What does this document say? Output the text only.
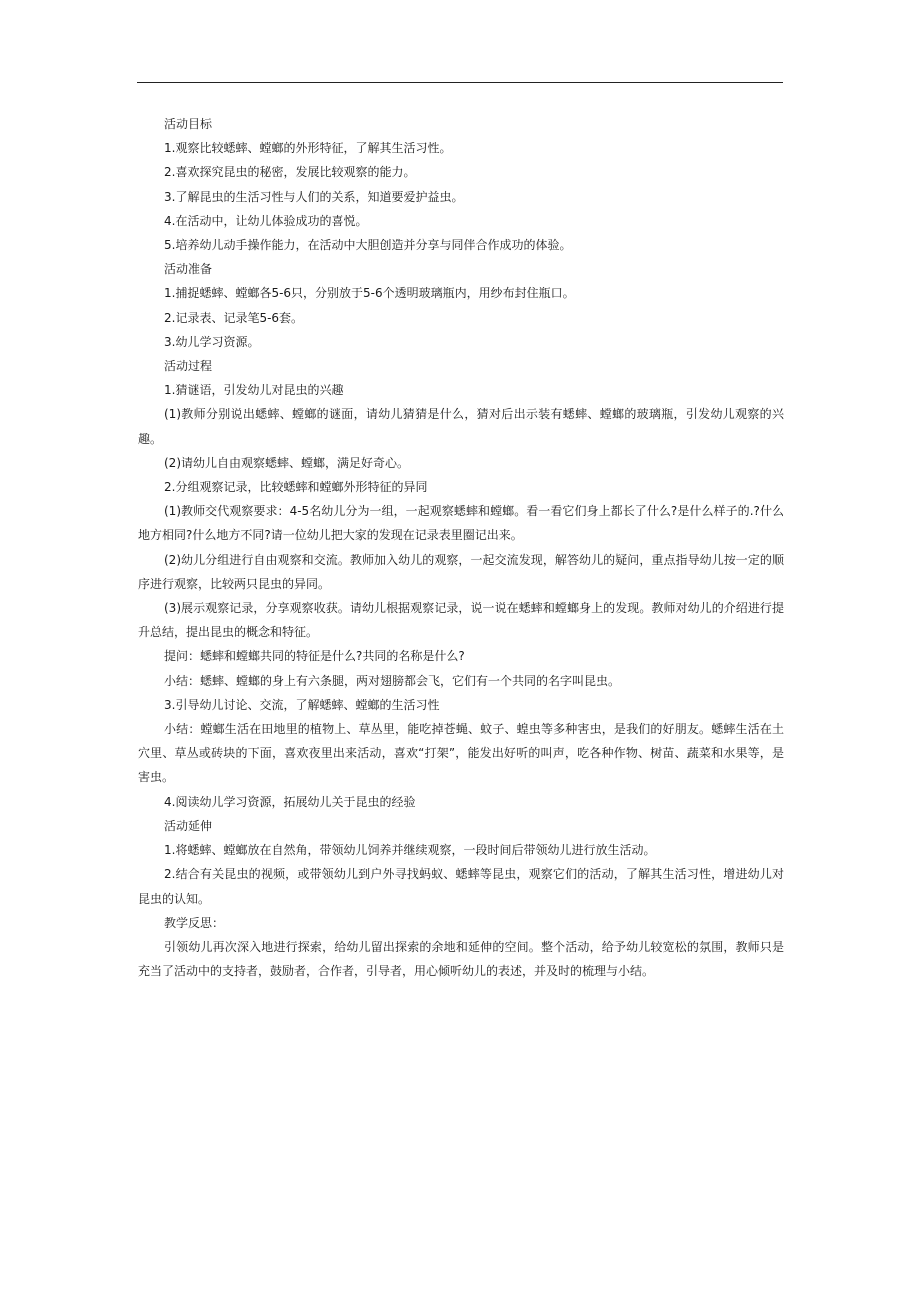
活动目标

1.观察比较蟋蟀、螳螂的外形特征，了解其生活习性。

2.喜欢探究昆虫的秘密，发展比较观察的能力。

3.了解昆虫的生活习性与人们的关系，知道要爱护益虫。

4.在活动中，让幼儿体验成功的喜悦。

5.培养幼儿动手操作能力，在活动中大胆创造并分享与同伴合作成功的体验。

活动准备

1.捕捉蟋蟀、螳螂各5-6只，分别放于5-6个透明玻璃瓶内，用纱布封住瓶口。

2.记录表、记录笔5-6套。

3.幼儿学习资源。

活动过程

1.猜谜语，引发幼儿对昆虫的兴趣

(1)教师分别说出蟋蟀、螳螂的谜面，请幼儿猜猜是什么，猜对后出示装有蟋蟀、螳螂的玻璃瓶，引发幼儿观察的兴趣。

(2)请幼儿自由观察蟋蟀、螳螂，满足好奇心。

2.分组观察记录，比较蟋蟀和螳螂外形特征的异同

(1)教师交代观察要求：4-5名幼儿分为一组，一起观察蟋蟀和螳螂。看一看它们身上都长了什么?是什么样子的.?什么地方相同?什么地方不同?请一位幼儿把大家的发现在记录表里圈记出来。

(2)幼儿分组进行自由观察和交流。教师加入幼儿的观察，一起交流发现，解答幼儿的疑问，重点指导幼儿按一定的顺序进行观察，比较两只昆虫的异同。

(3)展示观察记录，分享观察收获。请幼儿根据观察记录，说一说在蟋蟀和螳螂身上的发现。教师对幼儿的介绍进行提升总结，提出昆虫的概念和特征。

提问：蟋蟀和螳螂共同的特征是什么?共同的名称是什么?

小结：蟋蟀、螳螂的身上有六条腿，两对翅膀都会飞，它们有一个共同的名字叫昆虫。

3.引导幼儿讨论、交流，了解蟋蟀、螳螂的生活习性

小结：螳螂生活在田地里的植物上、草丛里，能吃掉苍蝇、蚊子、蝗虫等多种害虫，是我们的好朋友。蟋蟀生活在土穴里、草丛或砖块的下面，喜欢夜里出来活动，喜欢“打架”，能发出好听的叫声，吃各种作物、树苗、蔬菜和水果等，是害虫。

4.阅读幼儿学习资源，拓展幼儿关于昆虫的经验

活动延伸

1.将蟋蟀、螳螂放在自然角，带领幼儿饲养并继续观察，一段时间后带领幼儿进行放生活动。

2.结合有关昆虫的视频，或带领幼儿到户外寻找蚂蚁、蟋蟀等昆虫，观察它们的活动，了解其生活习性，增进幼儿对昆虫的认知。

教学反思：

引领幼儿再次深入地进行探索，给幼儿留出探索的余地和延伸的空间。整个活动，给予幼儿较宽松的氛围，教师只是充当了活动中的支持者，鼓励者，合作者，引导者，用心倾听幼儿的表述，并及时的梳理与小结。
